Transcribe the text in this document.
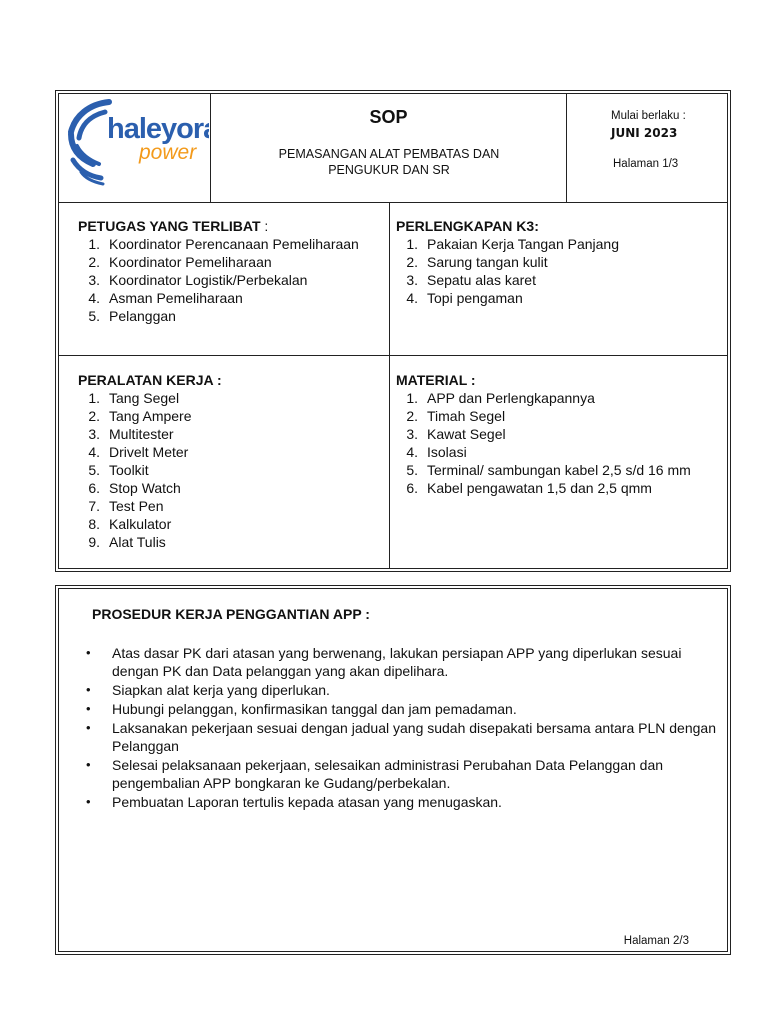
haleyora
power
SOP
PEMASANGAN ALAT PEMBATAS DAN PENGUKUR DAN SR
Mulai berlaku :
JUNI 2023
Halaman 1/3
PETUGAS YANG TERLIBAT :
1. Koordinator Perencanaan Pemeliharaan
2. Koordinator Pemeliharaan
3. Koordinator Logistik/Perbekalan
4. Asman Pemeliharaan
5. Pelanggan
PERLENGKAPAN K3:
1. Pakaian Kerja Tangan Panjang
2. Sarung tangan kulit
3. Sepatu alas karet
4. Topi pengaman
PERALATAN KERJA :
1. Tang Segel
2. Tang Ampere
3. Multitester
4. Drivelt Meter
5. Toolkit
6. Stop Watch
7. Test Pen
8. Kalkulator
9. Alat Tulis
MATERIAL :
1. APP dan Perlengkapannya
2. Timah Segel
3. Kawat Segel
4. Isolasi
5. Terminal/ sambungan kabel 2,5 s/d 16 mm
6. Kabel pengawatan 1,5 dan 2,5 qmm
PROSEDUR KERJA PENGGANTIAN APP :
•	Atas dasar PK dari atasan yang berwenang, lakukan persiapan APP yang diperlukan sesuai dengan PK dan Data pelanggan yang akan dipelihara.
•	Siapkan alat kerja yang diperlukan.
•	Hubungi pelanggan, konfirmasikan tanggal dan jam pemadaman.
•	Laksanakan pekerjaan sesuai dengan jadual yang sudah disepakati bersama antara PLN dengan Pelanggan
•	Selesai pelaksanaan pekerjaan, selesaikan administrasi Perubahan Data Pelanggan dan pengembalian APP bongkaran ke Gudang/perbekalan.
•	Pembuatan Laporan tertulis kepada atasan yang menugaskan.
Halaman 2/3
